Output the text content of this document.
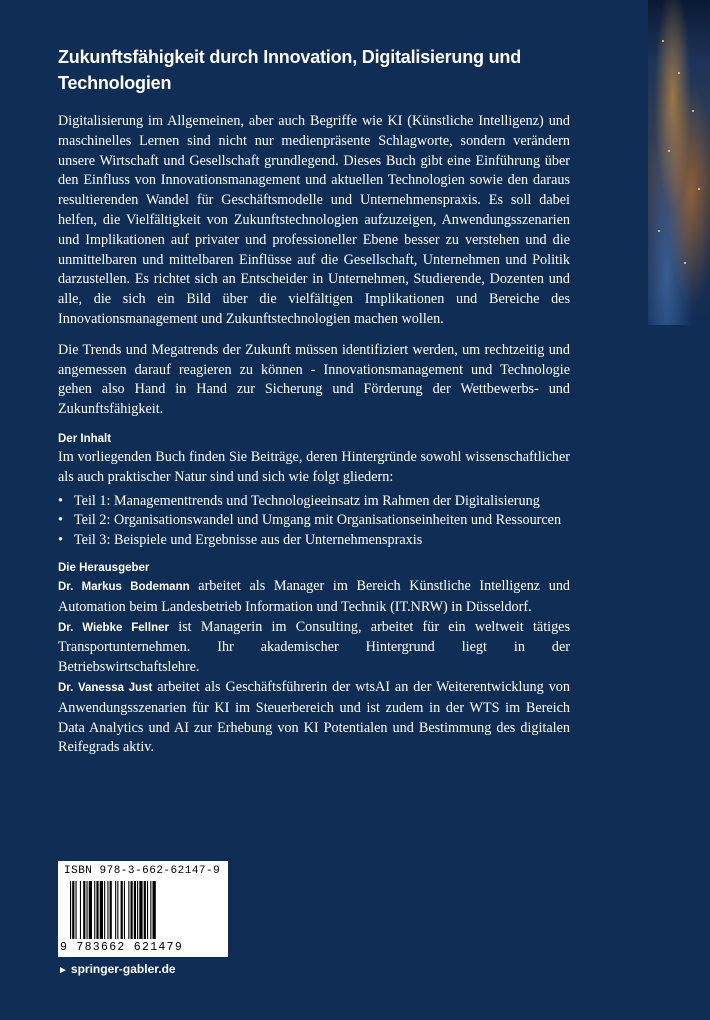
Zukunftsfähigkeit durch Innovation, Digitalisierung und Technologien

Digitalisierung im Allgemeinen, aber auch Begriffe wie KI (Künstliche Intelligenz) und maschinelles Lernen sind nicht nur medienpräsente Schlagworte, sondern verändern unsere Wirtschaft und Gesellschaft grundlegend. Dieses Buch gibt eine Einführung über den Einfluss von Innovationsmanagement und aktuellen Technologien sowie den daraus resultierenden Wandel für Geschäftsmodelle und Unternehmenspraxis. Es soll dabei helfen, die Vielfältigkeit von Zukunftstechnologien aufzuzeigen, Anwendungsszenarien und Implikationen auf privater und professioneller Ebene besser zu verstehen und die unmittelbaren und mittelbaren Einflüsse auf die Gesellschaft, Unternehmen und Politik darzustellen. Es richtet sich an Entscheider in Unternehmen, Studierende, Dozenten und alle, die sich ein Bild über die vielfältigen Implikationen und Bereiche des Innovationsmanagement und Zukunftstechnologien machen wollen.

Die Trends und Megatrends der Zukunft müssen identifiziert werden, um rechtzeitig und angemessen darauf reagieren zu können - Innovationsmanagement und Technologie gehen also Hand in Hand zur Sicherung und Förderung der Wettbewerbs- und Zukunftsfähigkeit.

Der Inhalt

Im vorliegenden Buch finden Sie Beiträge, deren Hintergründe sowohl wissenschaftlicher als auch praktischer Natur sind und sich wie folgt gliedern:

• Teil 1: Managementtrends und Technologieeinsatz im Rahmen der Digitalisierung
• Teil 2: Organisationswandel und Umgang mit Organisationseinheiten und Ressourcen
• Teil 3: Beispiele und Ergebnisse aus der Unternehmenspraxis
Die Herausgeber

Dr. Markus Bodemann arbeitet als Manager im Bereich Künstliche Intelligenz und Automation beim Landesbetrieb Information und Technik (IT.NRW) in Düsseldorf.

Dr. Wiebke Fellner ist Managerin im Consulting, arbeitet für ein weltweit tätiges Transportunternehmen. Ihr akademischer Hintergrund liegt in der Betriebswirtschaftslehre.

Dr. Vanessa Just arbeitet als Geschäftsführerin der wtsAI an der Weiterentwicklung von Anwendungsszenarien für KI im Steuerbereich und ist zudem in der WTS im Bereich Data Analytics und AI zur Erhebung von KI Potentialen und Bestimmung des digitalen Reifegrads aktiv.

ISBN 978-3-662-62147-9
9 783662 621479
► springer-gabler.de
